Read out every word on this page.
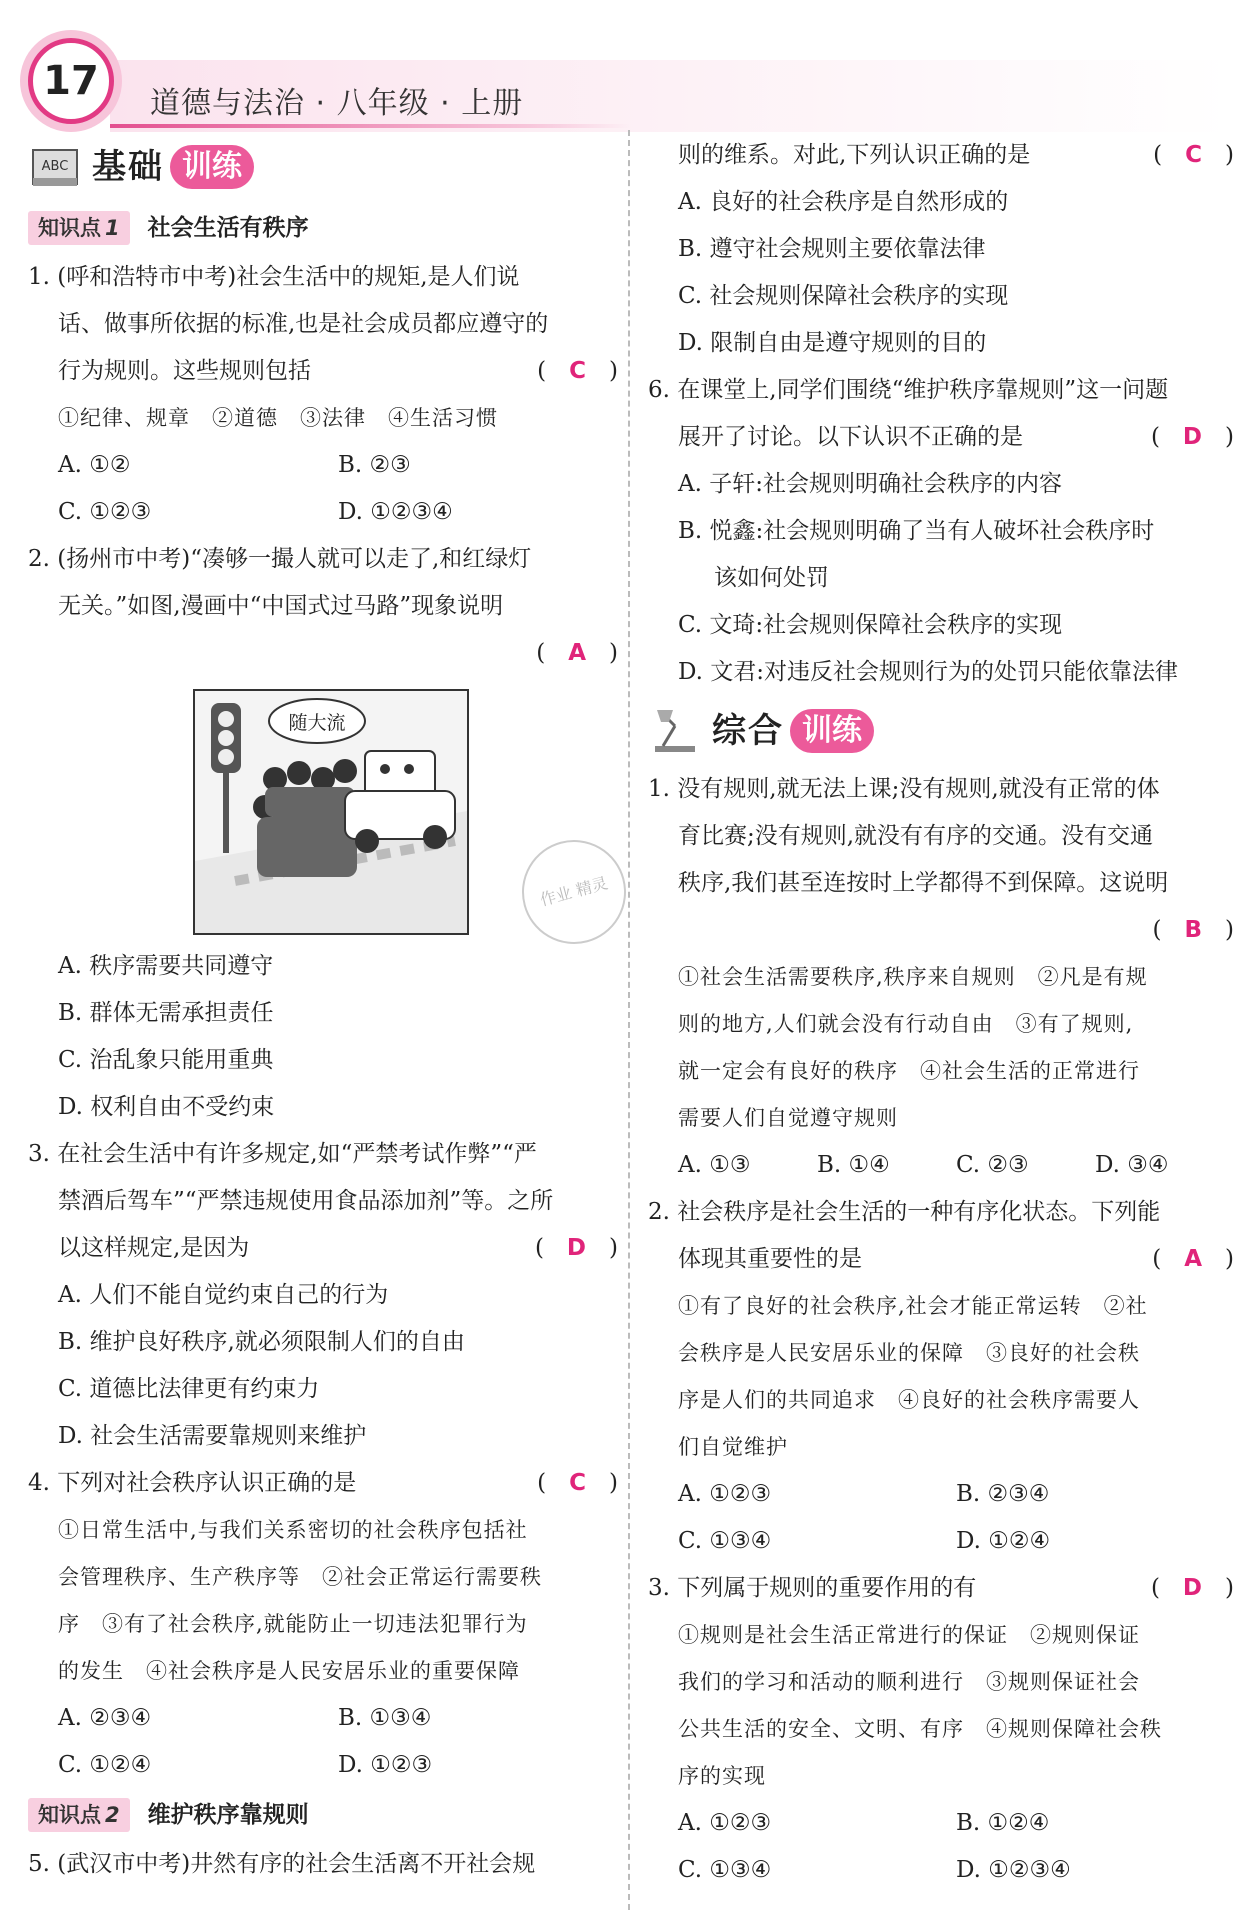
17	道德与法治 · 八年级 · 上册
ABC 基础 训练
知识点 1	社会生活有秩序
1. (呼和浩特市中考)社会生活中的规矩,是人们说
话、做事所依据的标准,也是社会成员都应遵守的
行为规则。这些规则包括	(　C　)
①纪律、规章　②道德　③法律　④生活习惯
A. ①②	B. ②③
C. ①②③	D. ①②③④
2. (扬州市中考)“凑够一撮人就可以走了,和红绿灯
无关。”如图,漫画中“中国式过马路”现象说明
(　A　)

随大流
A. 秩序需要共同遵守
B. 群体无需承担责任
C. 治乱象只能用重典
D. 权利自由不受约束
3. 在社会生活中有许多规定,如“严禁考试作弊”“严
禁酒后驾车”“严禁违规使用食品添加剂”等。之所
以这样规定,是因为	(　D　)
A. 人们不能自觉约束自己的行为
B. 维护良好秩序,就必须限制人们的自由
C. 道德比法律更有约束力
D. 社会生活需要靠规则来维护
4. 下列对社会秩序认识正确的是	(　C　)
①日常生活中,与我们关系密切的社会秩序包括社
会管理秩序、生产秩序等　②社会正常运行需要秩
序　③有了社会秩序,就能防止一切违法犯罪行为
的发生　④社会秩序是人民安居乐业的重要保障
A. ②③④	B. ①③④
C. ①②④	D. ①②③
知识点 2	维护秩序靠规则
5. (武汉市中考)井然有序的社会生活离不开社会规
作业 精灵
则的维系。对此,下列认识正确的是	(　C　)
A. 良好的社会秩序是自然形成的
B. 遵守社会规则主要依靠法律
C. 社会规则保障社会秩序的实现
D. 限制自由是遵守规则的目的
6. 在课堂上,同学们围绕“维护秩序靠规则”这一问题
展开了讨论。以下认识不正确的是	(　D　)
A. 子轩:社会规则明确社会秩序的内容
B. 悦鑫:社会规则明确了当有人破坏社会秩序时
该如何处罚
C. 文琦:社会规则保障社会秩序的实现
D. 文君:对违反社会规则行为的处罚只能依靠法律
综合 训练
1. 没有规则,就无法上课;没有规则,就没有正常的体
育比赛;没有规则,就没有有序的交通。没有交通
秩序,我们甚至连按时上学都得不到保障。这说明
(　B　)

①社会生活需要秩序,秩序来自规则　②凡是有规
则的地方,人们就会没有行动自由　③有了规则,
就一定会有良好的秩序　④社会生活的正常进行
需要人们自觉遵守规则
A. ①③	B. ①④	C. ②③	D. ③④
2. 社会秩序是社会生活的一种有序化状态。下列能
体现其重要性的是	(　A　)
①有了良好的社会秩序,社会才能正常运转　②社
会秩序是人民安居乐业的保障　③良好的社会秩
序是人们的共同追求　④良好的社会秩序需要人
们自觉维护
A. ①②③	B. ②③④
C. ①③④	D. ①②④
3. 下列属于规则的重要作用的有	(　D　)
①规则是社会生活正常进行的保证　②规则保证
我们的学习和活动的顺利进行　③规则保证社会
公共生活的安全、文明、有序　④规则保障社会秩
序的实现
A. ①②③	B. ①②④
C. ①③④	D. ①②③④
